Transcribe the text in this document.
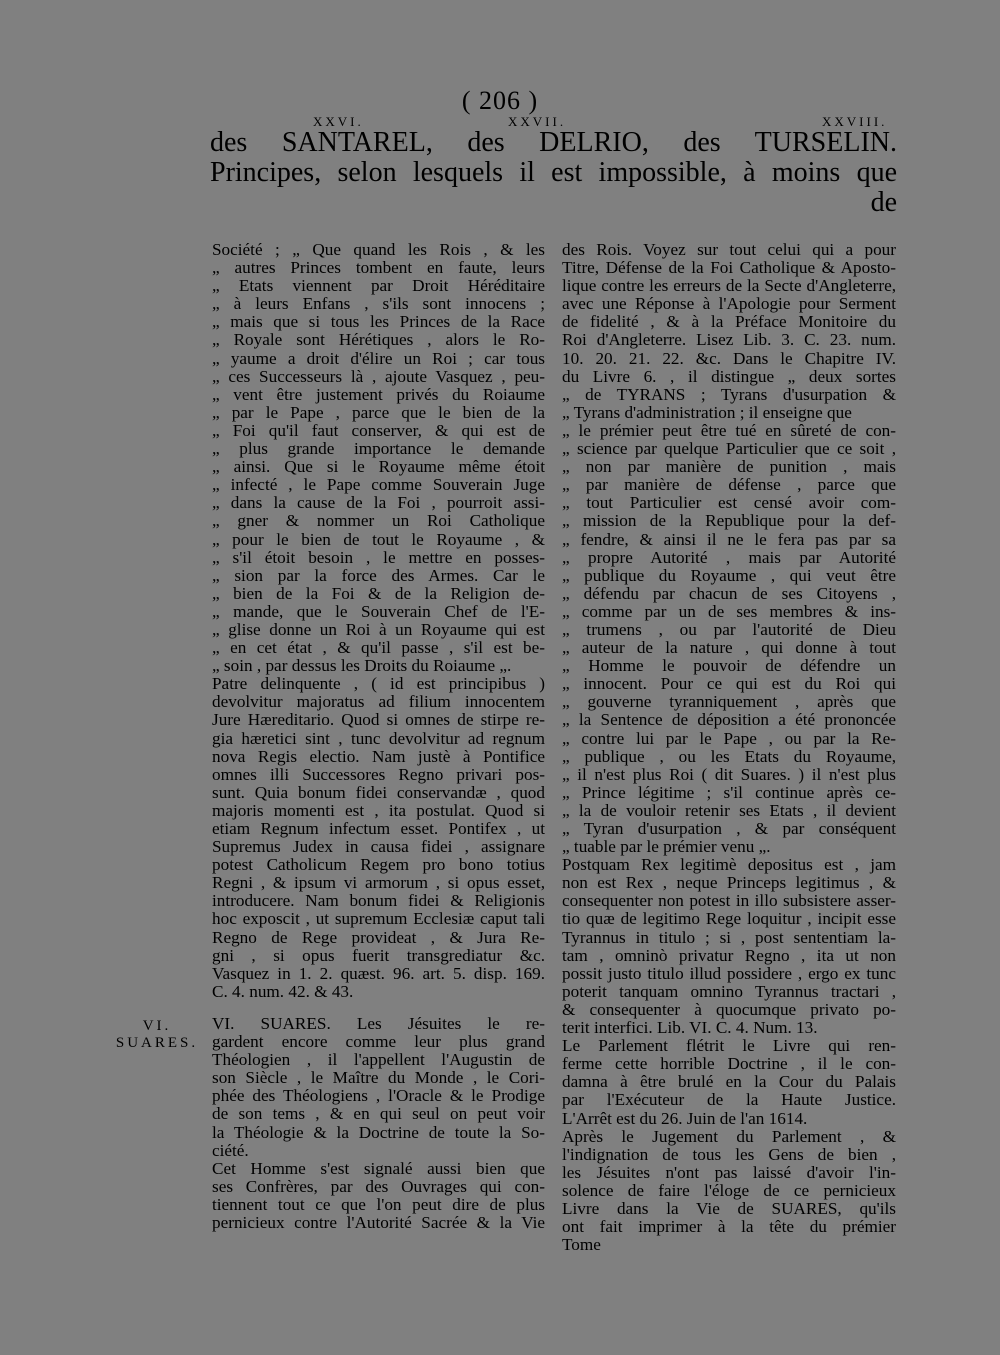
( 206 )
XXVI.	XXVII.	XXVIII.
des SANTAREL, des DELRIO, des TURSELIN.
Principes, selon lesquels il est impossible, à moins que
de

Société ; „ Que quand les Rois , & les

„ autres Princes tombent en faute, leurs

„ Etats viennent par Droit Héréditaire

„ à leurs Enfans , s'ils sont innocens ;

„ mais que si tous les Princes de la Race

„ Royale sont Hérétiques , alors le Ro-

„ yaume a droit d'élire un Roi ; car tous

„ ces Successeurs là , ajoute Vasquez , peu-

„ vent être justement privés du Roiaume

„ par le Pape , parce que le bien de la

„ Foi qu'il faut conserver, & qui est de

„ plus grande importance le demande

„ ainsi. Que si le Royaume même étoit

„ infecté , le Pape comme Souverain Juge

„ dans la cause de la Foi , pourroit assi-

„ gner & nommer un Roi Catholique

„ pour le bien de tout le Royaume , &

„ s'il étoit besoin , le mettre en posses-

„ sion par la force des Armes. Car le

„ bien de la Foi & de la Religion de-

„ mande, que le Souverain Chef de l'E-

„ glise donne un Roi à un Royaume qui est

„ en cet état , & qu'il passe , s'il est be-

„ soin , par dessus les Droits du Roiaume „.

Patre delinquente , ( id est principibus )

devolvitur majoratus ad filium innocentem

Jure Hæreditario. Quod si omnes de stirpe re-

gia hæretici sint , tunc devolvitur ad regnum

nova Regis electio. Nam justè à Pontifice

omnes illi Successores Regno privari pos-

sunt. Quia bonum fidei conservandæ , quod

majoris momenti est , ita postulat. Quod si

etiam Regnum infectum esset. Pontifex , ut

Supremus Judex in causa fidei , assignare

potest Catholicum Regem pro bono totius

Regni , & ipsum vi armorum , si opus esset,

introducere. Nam bonum fidei & Religionis

hoc exposcit , ut supremum Ecclesiæ caput tali

Regno de Rege provideat , & Jura Re-

gni , si opus fuerit transgrediatur &c.

Vasquez in 1. 2. quæst. 96. art. 5. disp. 169.

C. 4. num. 42. & 43.

VI. SUARES. Les Jésuites le re-

gardent encore comme leur plus grand

Théologien , il l'appellent l'Augustin de

son Siècle , le Maître du Monde , le Cori-

phée des Théologiens , l'Oracle & le Prodige

de son tems , & en qui seul on peut voir

la Théologie & la Doctrine de toute la So-

ciété.

Cet Homme s'est signalé aussi bien que

ses Confrères, par des Ouvrages qui con-

tiennent tout ce que l'on peut dire de plus

pernicieux contre l'Autorité Sacrée & la Vie

VI.
SUARES.

des Rois. Voyez sur tout celui qui a pour

Titre, Défense de la Foi Catholique & Aposto-

lique contre les erreurs de la Secte d'Angleterre,

avec une Réponse à l'Apologie pour Serment

de fidelité , & à la Préface Monitoire du

Roi d'Angleterre. Lisez Lib. 3. C. 23. num.

10. 20. 21. 22. &c. Dans le Chapitre IV.

du Livre 6. , il distingue „ deux sortes

„ de TYRANS ; Tyrans d'usurpation &

„ Tyrans d'administration ; il enseigne que

„ le prémier peut être tué en sûreté de con-

„ science par quelque Particulier que ce soit ,

„ non par manière de punition , mais

„ par manière de défense , parce que

„ tout Particulier est censé avoir com-

„ mission de la Republique pour la def-

„ fendre, & ainsi il ne le fera pas par sa

„ propre Autorité , mais par Autorité

„ publique du Royaume , qui veut être

„ défendu par chacun de ses Citoyens ,

„ comme par un de ses membres & ins-

„ trumens , ou par l'autorité de Dieu

„ auteur de la nature , qui donne à tout

„ Homme le pouvoir de défendre un

„ innocent. Pour ce qui est du Roi qui

„ gouverne tyranniquement , après que

„ la Sentence de déposition a été prononcée

„ contre lui par le Pape , ou par la Re-

„ publique , ou les Etats du Royaume,

„ il n'est plus Roi ( dit Suares. ) il n'est plus

„ Prince légitime ; s'il continue après ce-

„ la de vouloir retenir ses Etats , il devient

„ Tyran d'usurpation , & par conséquent

„ tuable par le prémier venu „.

Postquam Rex legitimè depositus est , jam

non est Rex , neque Princeps legitimus , &

consequenter non potest in illo subsistere asser-

tio quæ de legitimo Rege loquitur , incipit esse

Tyrannus in titulo ; si , post sententiam la-

tam , omninò privatur Regno , ita ut non

possit justo titulo illud possidere , ergo ex tunc

poterit tanquam omnino Tyrannus tractari ,

& consequenter à quocumque privato po-

terit interfici. Lib. VI. C. 4. Num. 13.

Le Parlement flétrit le Livre qui ren-

ferme cette horrible Doctrine , il le con-

damna à être brulé en la Cour du Palais

par l'Exécuteur de la Haute Justice.

L'Arrêt est du 26. Juin de l'an 1614.

Après le Jugement du Parlement , &

l'indignation de tous les Gens de bien ,

les Jésuites n'ont pas laissé d'avoir l'in-

solence de faire l'éloge de ce pernicieux

Livre dans la Vie de SUARES, qu'ils

ont fait imprimer à la tête du prémier

Tome
